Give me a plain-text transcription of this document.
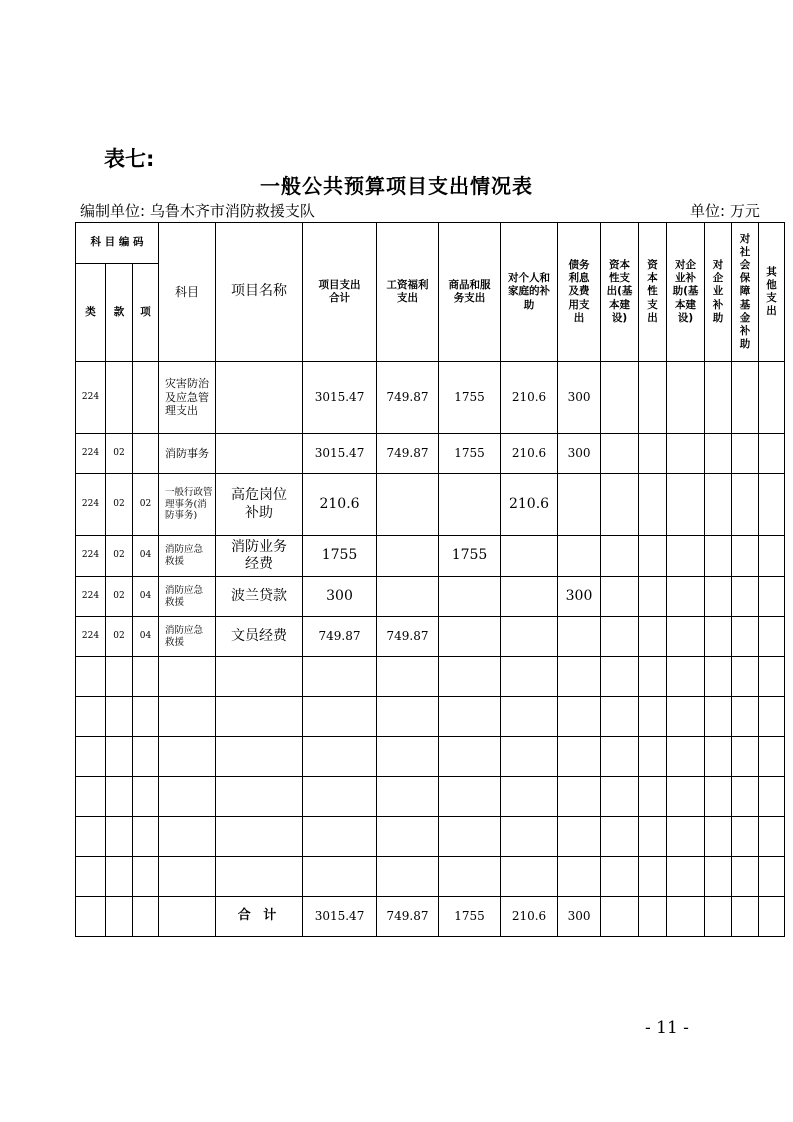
表七:
一般公共预算项目支出情况表
编制单位: 乌鲁木齐市消防救援支队	单位: 万元
科 目 编 码			科目	项目名称	项目支出合计	工资福利支出	商品和服务支出	对个人和家庭的补助	债务利息及费用支出	资本性支出(基本建设)	资本性支出	对企业补助(基本建设)	对企业补助	对社会保障基金补助	其他支出

类	款	项													
224			灾害防治及应急管理支出		3015.47	749.87	1755	210.6	300						
224	02		消防事务		3015.47	749.87	1755	210.6	300						
224	02	02	一般行政管理事务(消防事务)	高危岗位补助	210.6			210.6							
224	02	04	消防应急救援	消防业务经费	1755		1755								
224	02	04	消防应急救援	波兰贷款	300				300						
224	02	04	消防应急救援	文员经费	749.87	749.87									

				合 计	3015.47	749.87	1755	210.6	300						
- 11 -
